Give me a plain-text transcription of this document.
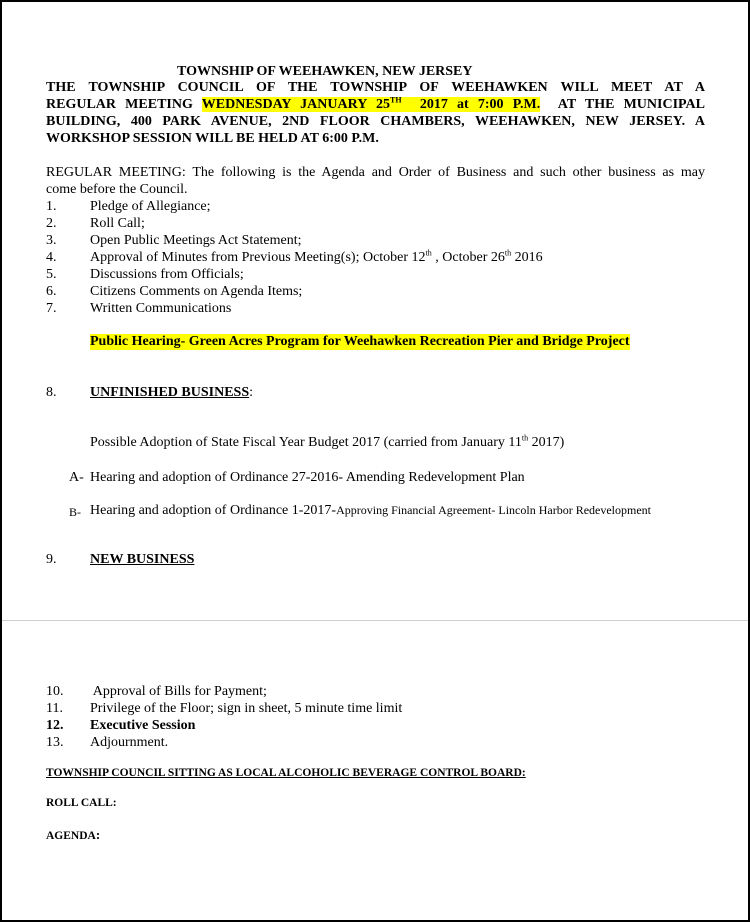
TOWNSHIP OF WEEHAWKEN, NEW JERSEY
THE TOWNSHIP COUNCIL OF THE TOWNSHIP OF WEEHAWKEN WILL MEET AT A
REGULAR MEETING WEDNESDAY JANUARY 25TH  2017 at 7:00 P.M.  AT THE MUNICIPAL
BUILDING, 400 PARK AVENUE, 2ND FLOOR CHAMBERS, WEEHAWKEN, NEW JERSEY. A
WORKSHOP SESSION WILL BE HELD AT 6:00 P.M.
REGULAR MEETING: The following is the Agenda and Order of Business and such other business as may
come before the Council.
1. Pledge of Allegiance;
2. Roll Call;
3. Open Public Meetings Act Statement;
4. Approval of Minutes from Previous Meeting(s); October 12th , October 26th 2016
5. Discussions from Officials;
6. Citizens Comments on Agenda Items;
7. Written Communications
Public Hearing- Green Acres Program for Weehawken Recreation Pier and Bridge Project
8. UNFINISHED BUSINESS:
Possible Adoption of State Fiscal Year Budget 2017 (carried from January 11th 2017)
A- Hearing and adoption of Ordinance 27-2016- Amending Redevelopment Plan
B- Hearing and adoption of Ordinance 1-2017-Approving Financial Agreement- Lincoln Harbor Redevelopment
9. NEW BUSINESS
10. Approval of Bills for Payment;
11. Privilege of the Floor; sign in sheet, 5 minute time limit
12. Executive Session
13. Adjournment.
TOWNSHIP COUNCIL SITTING AS LOCAL ALCOHOLIC BEVERAGE CONTROL BOARD:
ROLL CALL:
AGENDA:
